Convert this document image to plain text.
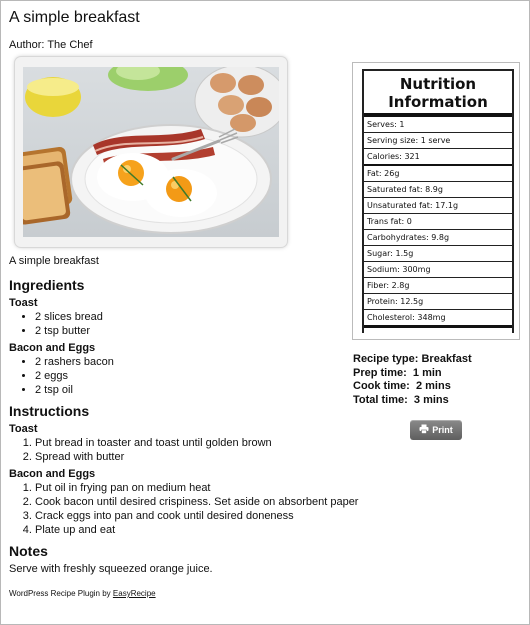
A simple breakfast
Author: The Chef
A simple breakfast
Ingredients
Toast
• 2 slices bread
• 2 tsp butter
Bacon and Eggs
• 2 rashers bacon
• 2 eggs
• 2 tsp oil
Instructions
Toast
1. Put bread in toaster and toast until golden brown
2. Spread with butter
Bacon and Eggs
1. Put oil in frying pan on medium heat
2. Cook bacon until desired crispiness. Set aside on absorbent paper
3. Crack eggs into pan and cook until desired doneness
4. Plate up and eat
Notes

Serve with freshly squeezed orange juice.

WordPress Recipe Plugin by EasyRecipe
Nutrition
Information
Serves: 1
Serving size: 1 serve
Calories: 321
Fat: 26g
Saturated fat: 8.9g
Unsaturated fat: 17.1g
Trans fat: 0
Carbohydrates: 9.8g
Sugar: 1.5g
Sodium: 300mg
Fiber: 2.8g
Protein: 12.5g
Cholesterol: 348mg
Recipe type: Breakfast
Prep time: 1 min
Cook time: 2 mins
Total time: 3 mins
Print
